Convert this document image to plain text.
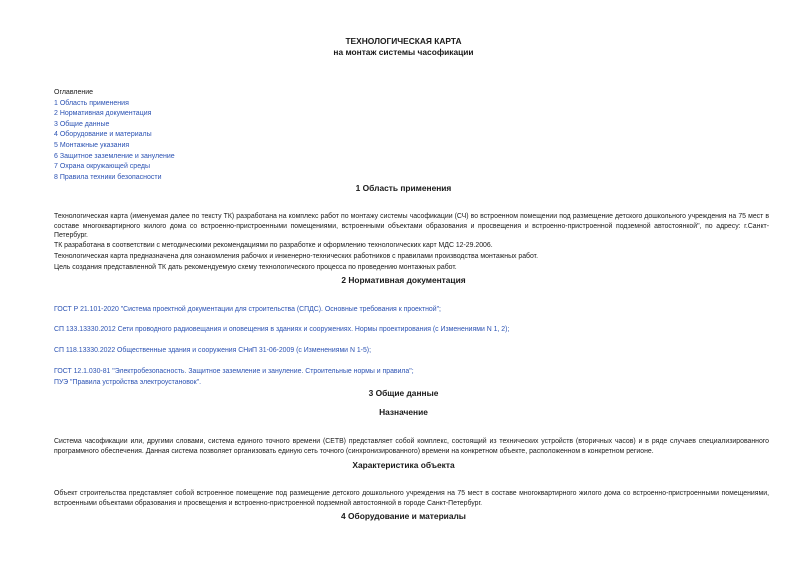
ТЕХНОЛОГИЧЕСКАЯ КАРТА
на монтаж системы часофикации
Оглавление
1 Область применения
2 Нормативная документация
3 Общие данные
4 Оборудование и материалы
5 Монтажные указания
6 Защитное заземление и зануление
7 Охрана окружающей среды
8 Правила техники безопасности
1 Область применения
Технологическая карта (именуемая далее по тексту ТК) разработана на комплекс работ по монтажу системы часофикации (СЧ) во встроенном помещении под размещение детского дошкольного учреждения на 75 мест в составе многоквартирного жилого дома со встроенно-пристроенными помещениями, встроенными объектами образования и просвещения и встроенно-пристроенной подземной автостоянкой", по адресу: г.Санкт-Петербург.
ТК разработана в соответствии с методическими рекомендациями по разработке и оформлению технологических карт МДС 12-29.2006.
Технологическая карта предназначена для ознакомления рабочих и инженерно-технических работников с правилами производства монтажных работ.
Цель создания представленной ТК дать рекомендуемую схему технологического процесса по проведению монтажных работ.
2 Нормативная документация
ГОСТ Р 21.101-2020 "Система проектной документации для строительства (СПДС). Основные требования к проектной";
СП 133.13330.2012 Сети проводного радиовещания и оповещения в зданиях и сооружениях. Нормы проектирования (с Изменениями N 1, 2);
СП 118.13330.2022 Общественные здания и сооружения СНиП 31-06-2009 (с Изменениями N 1-5);
ГОСТ 12.1.030-81 "Электробезопасность. Защитное заземление и зануление. Строительные нормы и правила";
ПУЭ "Правила устройства электроустановок".
3 Общие данные
Назначение
Система часофикации или, другими словами, система единого точного времени (СЕТВ) представляет собой комплекс, состоящий из технических устройств (вторичных часов) и в ряде случаев специализированного программного обеспечения. Данная система позволяет организовать единую сеть точного (синхронизированного) времени на конкретном объекте, расположенном в конкретном регионе.
Характеристика объекта
Объект строительства представляет собой встроенное помещение под размещение детского дошкольного учреждения на 75 мест в составе многоквартирного жилого дома со встроенно-пристроенными помещениями, встроенными объектами образования и просвещения и встроенно-пристроенной подземной автостоянкой в городе Санкт-Петербург.
4 Оборудование и материалы
